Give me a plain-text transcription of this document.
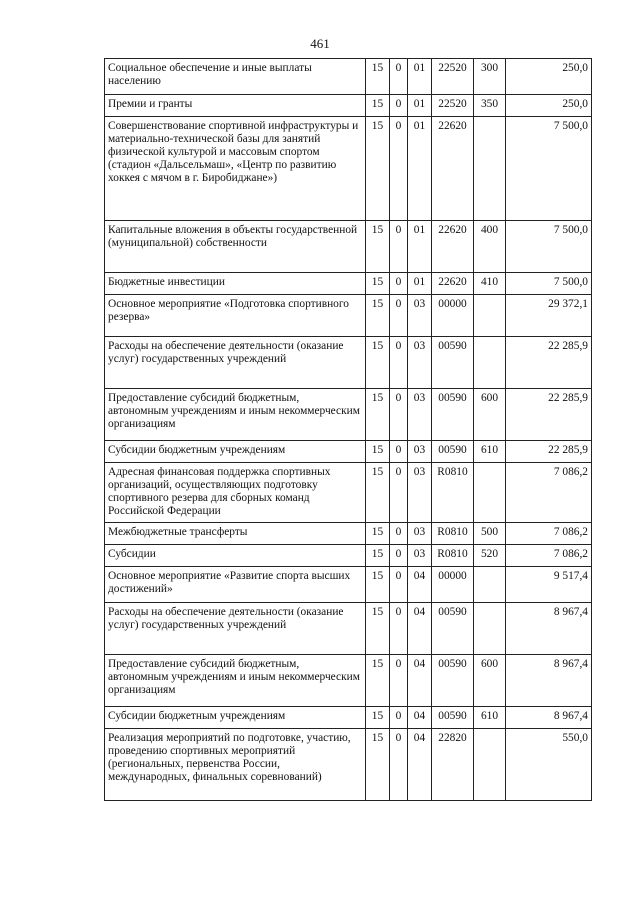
461
Социальное обеспечение и иные выплаты населению	15	0	01	22520	300	250,0
Премии и гранты	15	0	01	22520	350	250,0
Совершенствование спортивной инфраструктуры и материально-технической базы для занятий физической культурой и массовым спортом (стадион «Дальсельмаш», «Центр по развитию хоккея с мячом в г. Биробиджане»)	15	0	01	22620		7 500,0
Капитальные вложения в объекты государственной (муниципальной) собственности	15	0	01	22620	400	7 500,0
Бюджетные инвестиции	15	0	01	22620	410	7 500,0
Основное мероприятие «Подготовка спортивного резерва»	15	0	03	00000		29 372,1
Расходы на обеспечение деятельности (оказание услуг) государственных учреждений	15	0	03	00590		22 285,9
Предоставление субсидий бюджетным, автономным учреждениям и иным некоммерческим организациям	15	0	03	00590	600	22 285,9
Субсидии бюджетным учреждениям	15	0	03	00590	610	22 285,9
Адресная финансовая поддержка спортивных организаций, осуществляющих подготовку спортивного резерва для сборных команд Российской Федерации	15	0	03	R0810		7 086,2
Межбюджетные трансферты	15	0	03	R0810	500	7 086,2
Субсидии	15	0	03	R0810	520	7 086,2
Основное мероприятие «Развитие спорта высших достижений»	15	0	04	00000		9 517,4
Расходы на обеспечение деятельности (оказание услуг) государственных учреждений	15	0	04	00590		8 967,4
Предоставление субсидий бюджетным, автономным учреждениям и иным некоммерческим организациям	15	0	04	00590	600	8 967,4
Субсидии бюджетным учреждениям	15	0	04	00590	610	8 967,4
Реализация мероприятий по подготовке, участию, проведению спортивных мероприятий (региональных, первенства России, международных, финальных соревнований)	15	0	04	22820		550,0
